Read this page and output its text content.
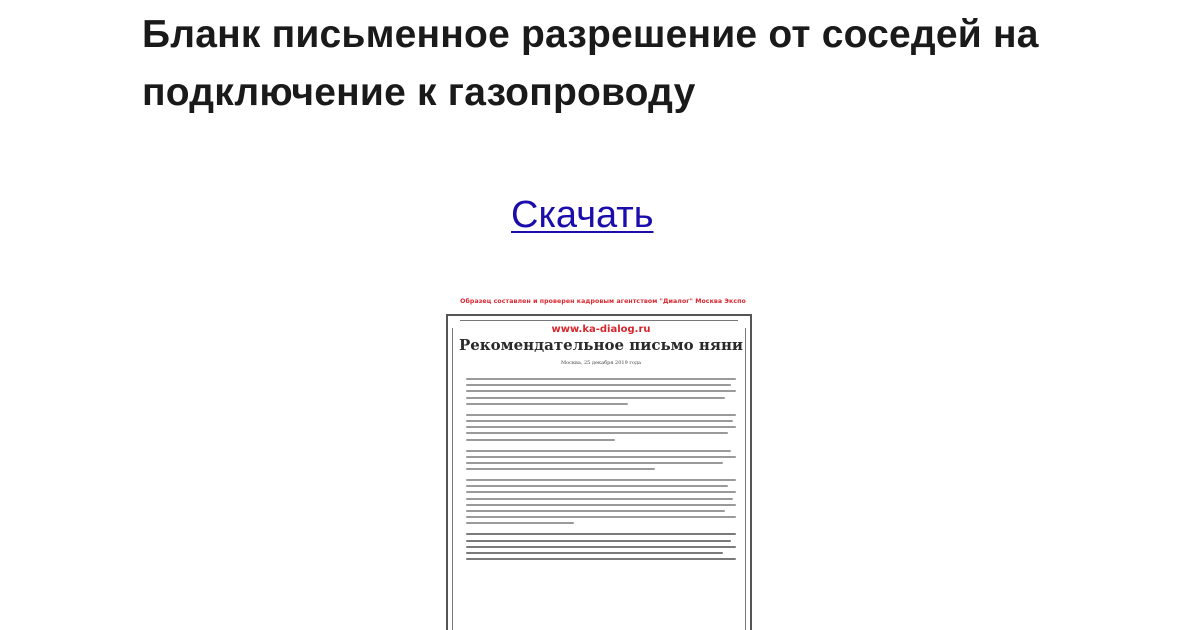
Бланк письменное разрешение от соседей на подключение к газопроводу
Скачать
Образец составлен и проверен кадровым агентством "Диалог" Москва Экспо
www.ka-dialog.ru
Рекомендательное письмо няни
Москва, 25 декабря 2019 года
